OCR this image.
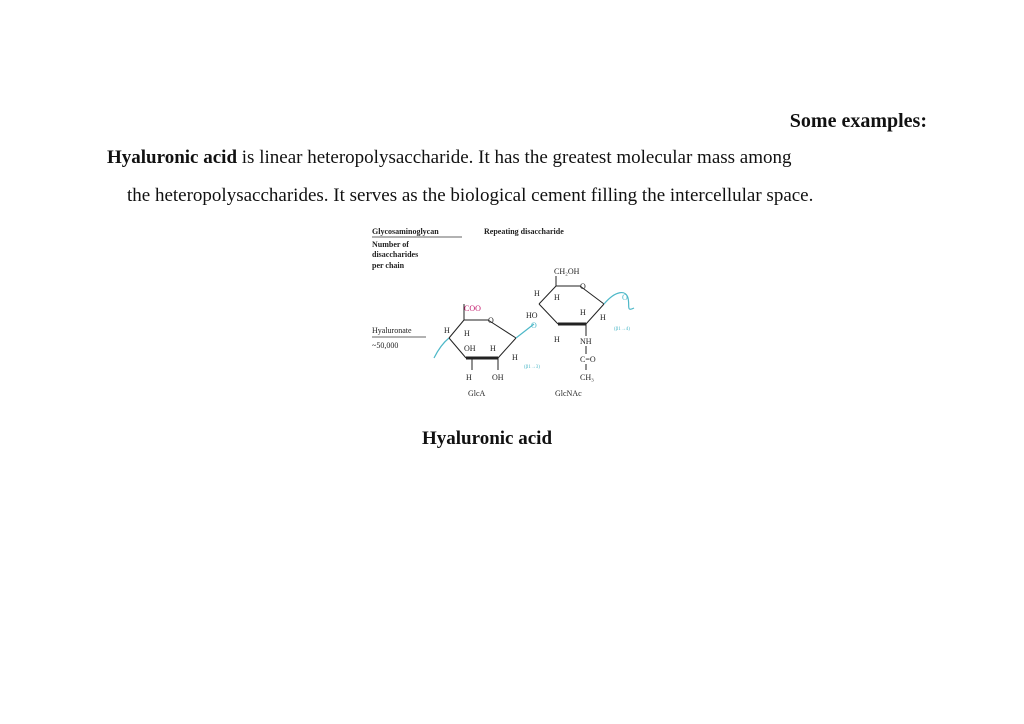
Some examples:
Hyaluronic acid is linear heteropolysaccharide. It has the greatest molecular mass among
the heteropolysaccharides. It serves as the biological cement filling the intercellular space.
Glycosaminoglycan	Repeating disaccharide
Number of
disaccharides
per chain
Hyaluronate
~50,000
COO
O
H H
OH H
H
H	OH
O
(β1→3)
CH₂OH
O
H H
HO	H
H
H	NH
C=O
CH₃
O
(β1→4)
GlcA	GlcNAc
Hyaluronic acid
